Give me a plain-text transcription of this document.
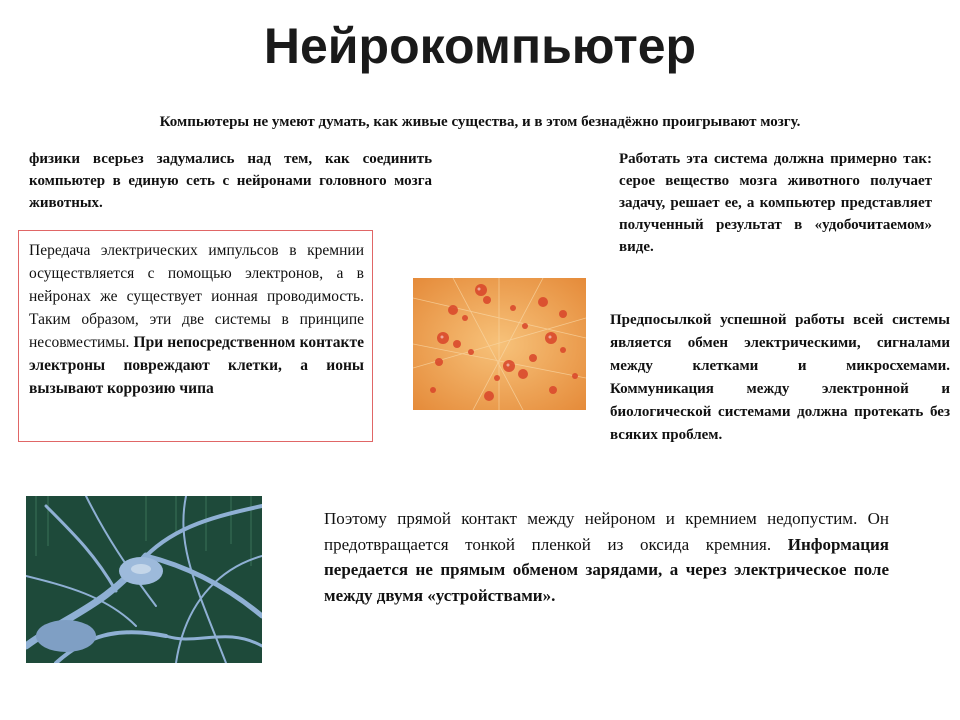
Нейрокомпьютер
Компьютеры не умеют думать, как живые существа, и в этом безнадёжно проигрывают мозгу.
физики всерьез задумались над тем, как соединить компьютер в единую сеть с нейронами головного мозга животных.
Работать эта система должна примерно так: серое вещество мозга животного получает задачу, решает ее, а компьютер представляет полученный результат в «удобочитаемом» виде.
Передача электрических импульсов в кремнии осуществляется с помощью электронов, а в нейронах же существует ионная проводимость. Таким образом, эти две системы в принципе несовместимы. При непосредственном контакте электроны повреждают клетки, а ионы вызывают коррозию чипа
Предпосылкой успешной работы всей системы является обмен электрическими, сигналами между клетками и микросхемами. Коммуникация между электронной и биологической системами должна протекать без всяких проблем.
Поэтому прямой контакт между нейроном и кремнием недопустим. Он предотвращается тонкой пленкой из оксида кремния. Информация передается не прямым обменом зарядами, а через электрическое поле между двумя «устройствами».
